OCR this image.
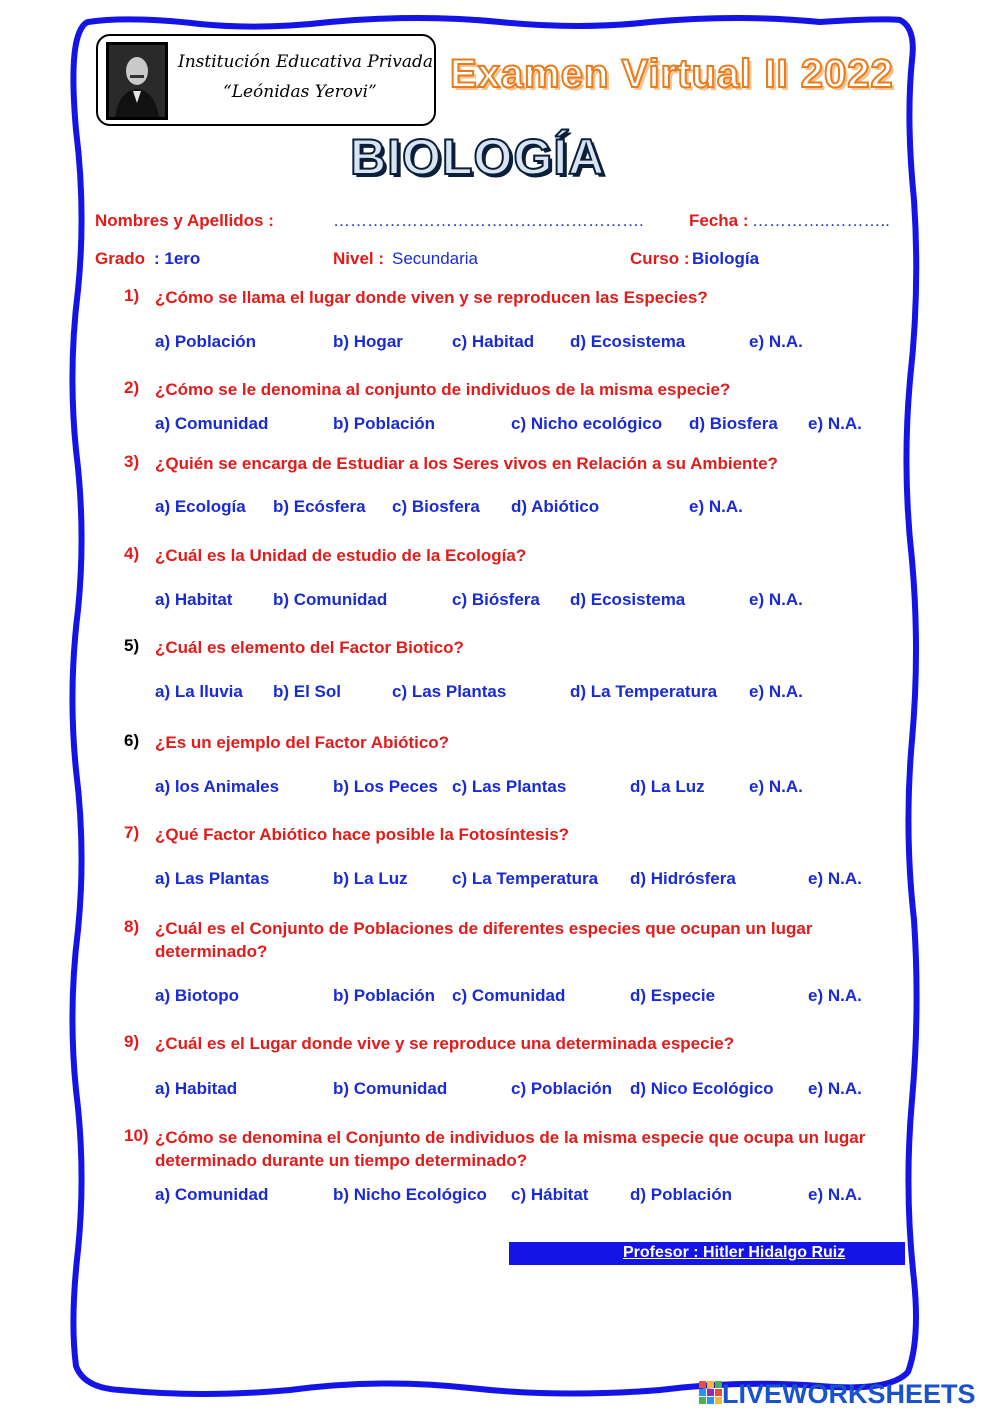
Institución Educativa Privada
“Leónidas Yerovi” Examen Virtual II 2022
BIOLOGÍA
Nombres y Apellidos :	……………………………………………….	Fecha : …………..………..
Grado : 1ero	Nivel : Secundaria	Curso : Biología
1) ¿Cómo se llama el lugar donde viven y se reproducen las Especies?
a) Población	b) Hogar	c) Habitad d) Ecosistema	e) N.A.
2) ¿Cómo se le denomina al conjunto de individuos de la misma especie?
a) Comunidad	b) Población	c) Nicho ecológico d) Biosfera e) N.A.
3) ¿Quién se encarga de Estudiar a los Seres vivos en Relación a su Ambiente?
a) Ecología b) Ecósfera c) Biosfera d) Abiótico	e) N.A.
4) ¿Cuál es la Unidad de estudio de la Ecología?
a) Habitat b) Comunidad	c) Biósfera d) Ecosistema	e) N.A.
5) ¿Cuál es elemento del Factor Biotico?
a) La lluvia b) El Sol	c) Las Plantas	d) La Temperatura e) N.A.
6) ¿Es un ejemplo del Factor Abiótico?
a) los Animales	b) Los Peces c) Las Plantas	d) La Luz	e) N.A.
7) ¿Qué Factor Abiótico hace posible la Fotosíntesis?
a) Las Plantas	b) La Luz	c) La Temperatura d) Hidrósfera	e) N.A.
8) ¿Cuál es el Conjunto de Poblaciones de diferentes especies que ocupan un lugar determinado?
a) Biotopo	b) Población c) Comunidad	d) Especie	e) N.A.
9) ¿Cuál es el Lugar donde vive y se reproduce una determinada especie?
a) Habitad	b) Comunidad	c) Población d) Nico Ecológico e) N.A.
10) ¿Cómo se denomina el Conjunto de individuos de la misma especie que ocupa un lugar determinado durante un tiempo determinado?
a) Comunidad	b) Nicho Ecológico c) Hábitat d) Población	e) N.A.
Profesor : Hitler Hidalgo Ruiz
LIVEWORKSHEETS
